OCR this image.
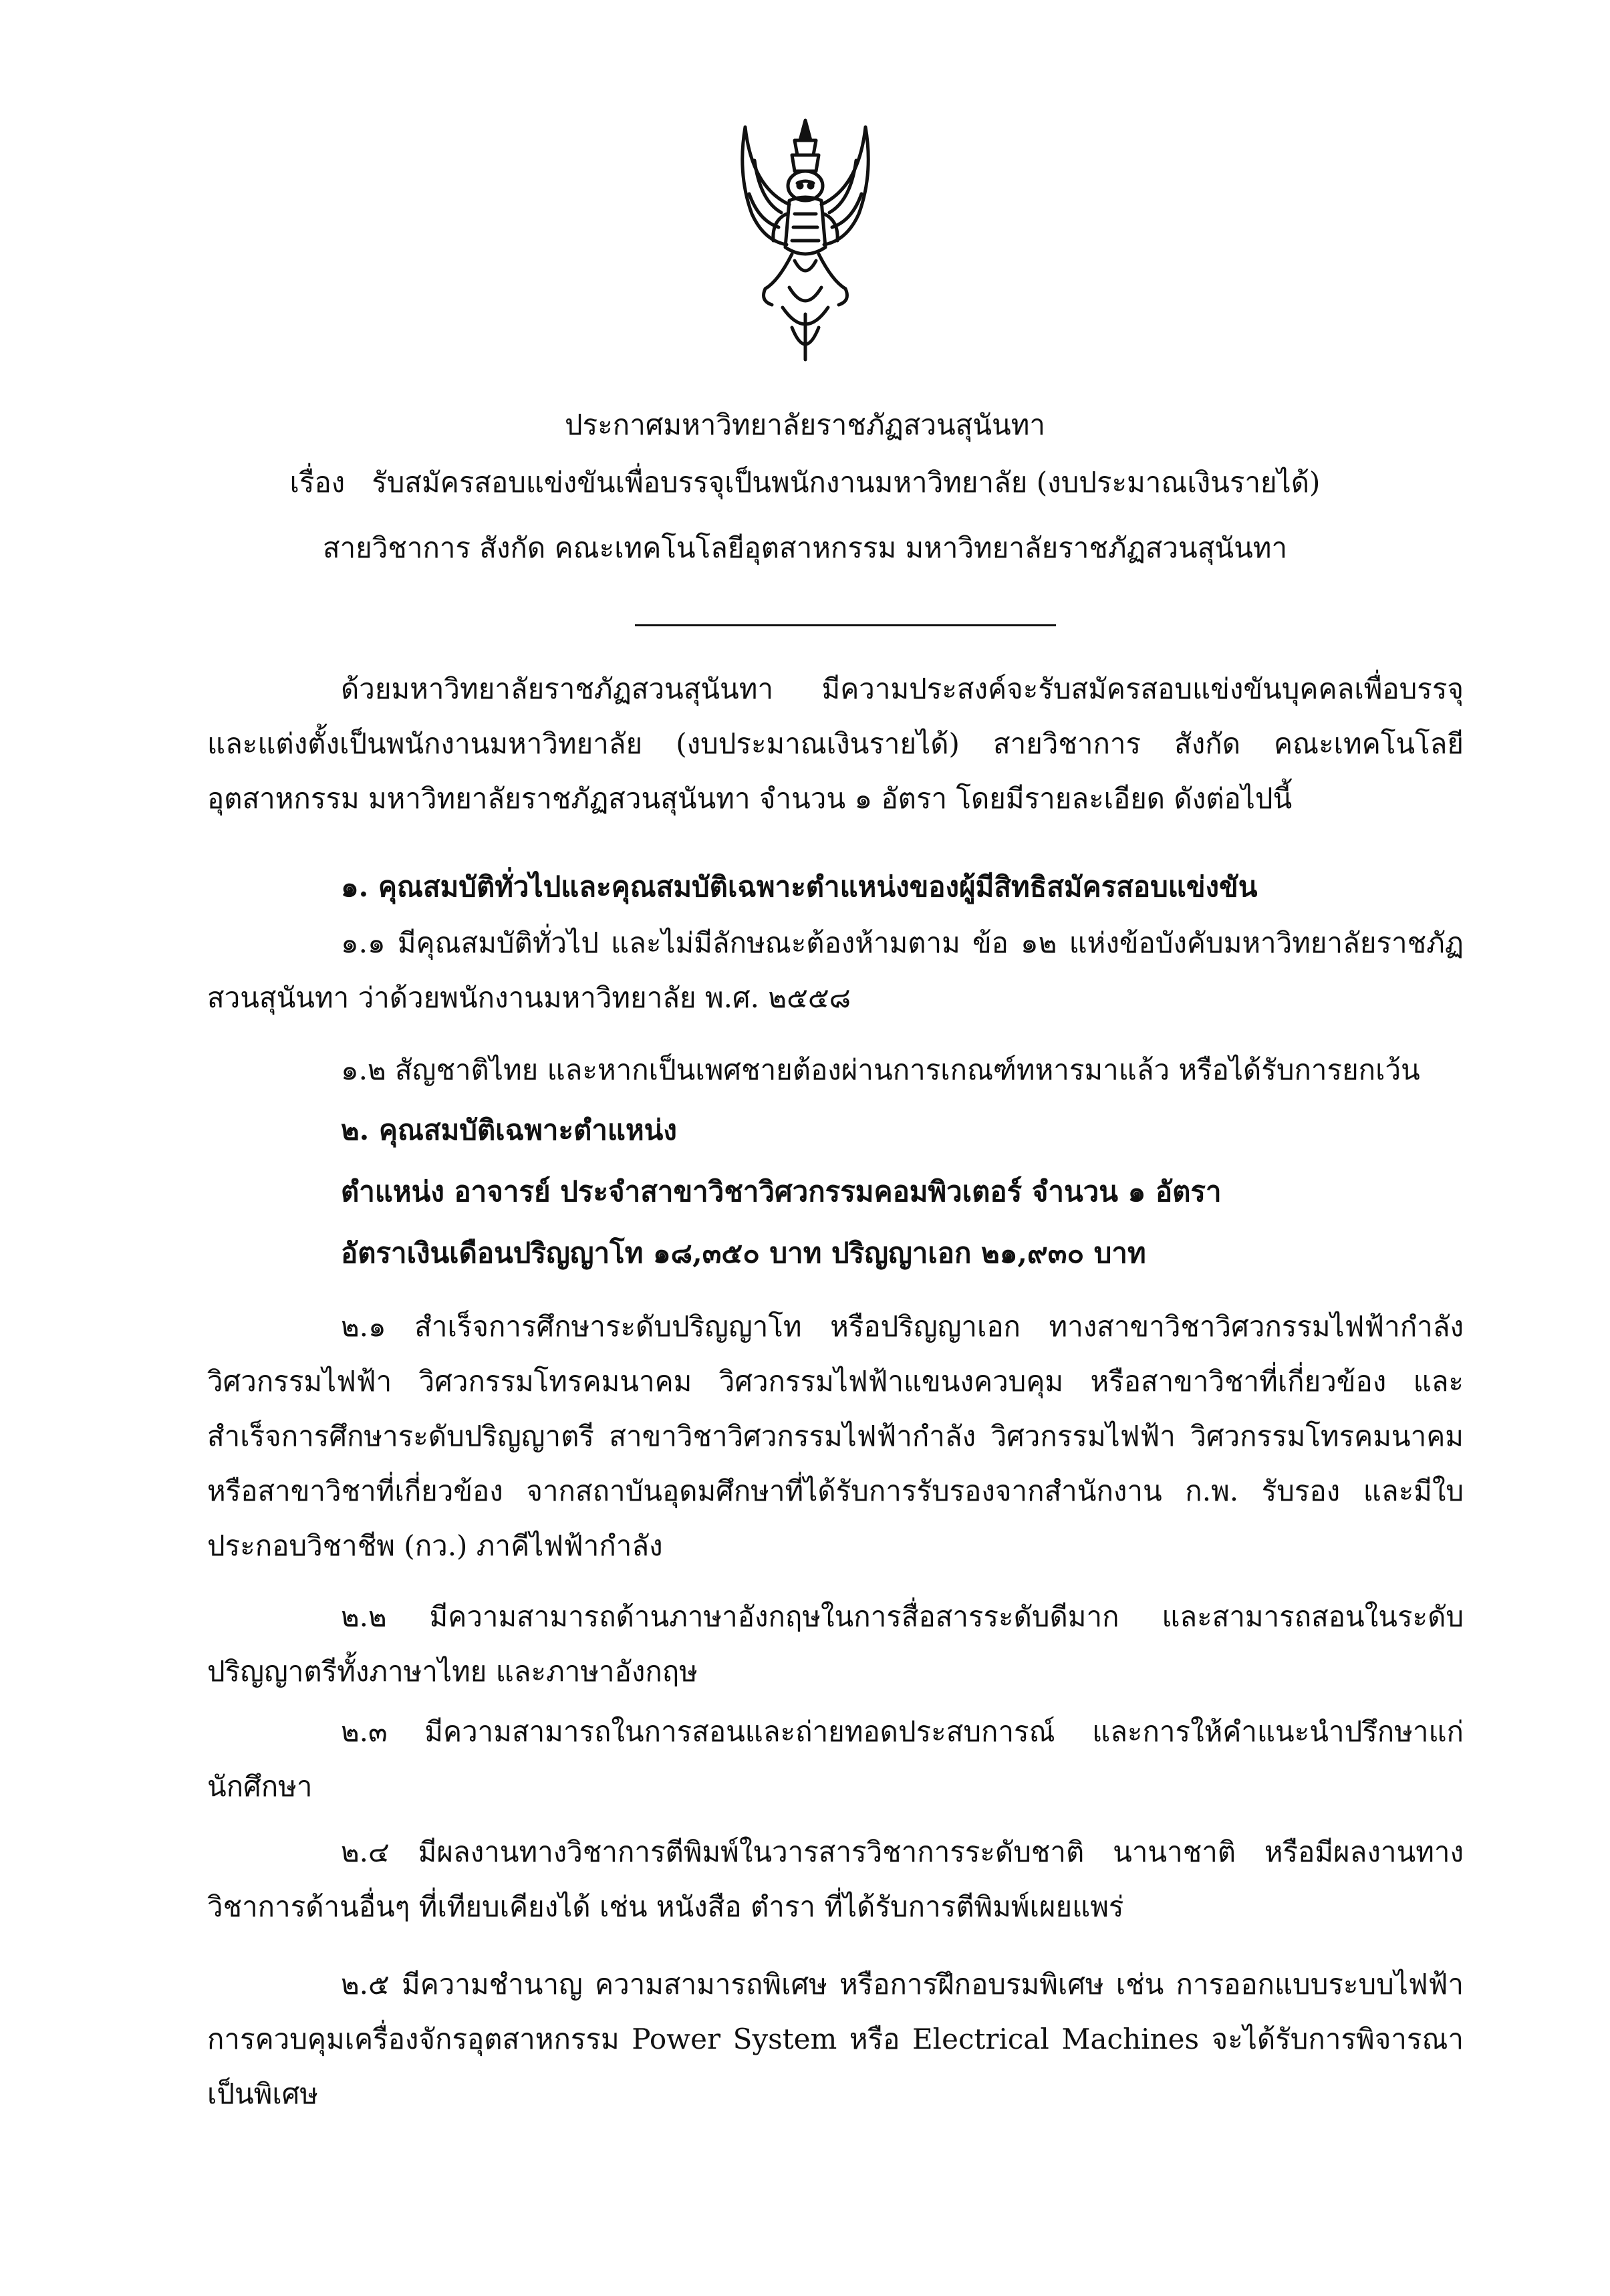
ประกาศมหาวิทยาลัยราชภัฏสวนสุนันทา
เรื่อง รับสมัครสอบแข่งขันเพื่อบรรจุเป็นพนักงานมหาวิทยาลัย (งบประมาณเงินรายได้)
สายวิชาการ สังกัด คณะเทคโนโลยีอุตสาหกรรม มหาวิทยาลัยราชภัฏสวนสุนันทา

ด้วยมหาวิทยาลัยราชภัฏสวนสุนันทา มีความประสงค์จะรับสมัครสอบแข่งขันบุคคลเพื่อบรรจุและแต่งตั้งเป็นพนักงานมหาวิทยาลัย (งบประมาณเงินรายได้) สายวิชาการ สังกัด คณะเทคโนโลยีอุตสาหกรรม มหาวิทยาลัยราชภัฏสวนสุนันทา จำนวน ๑ อัตรา โดยมีรายละเอียด ดังต่อไปนี้

๑. คุณสมบัติทั่วไปและคุณสมบัติเฉพาะตำแหน่งของผู้มีสิทธิสมัครสอบแข่งขัน

๑.๑ มีคุณสมบัติทั่วไป และไม่มีลักษณะต้องห้ามตาม ข้อ ๑๒ แห่งข้อบังคับมหาวิทยาลัยราชภัฏสวนสุนันทา ว่าด้วยพนักงานมหาวิทยาลัย พ.ศ. ๒๕๕๘

๑.๒ สัญชาติไทย และหากเป็นเพศชายต้องผ่านการเกณฑ์ทหารมาแล้ว หรือได้รับการยกเว้น

๒. คุณสมบัติเฉพาะตำแหน่ง

ตำแหน่ง อาจารย์ ประจำสาขาวิชาวิศวกรรมคอมพิวเตอร์ จำนวน ๑ อัตรา

อัตราเงินเดือนปริญญาโท ๑๘,๓๕๐ บาท ปริญญาเอก ๒๑,๙๓๐ บาท

๒.๑ สำเร็จการศึกษาระดับปริญญาโท หรือปริญญาเอก ทางสาขาวิชาวิศวกรรมไฟฟ้ากำลัง วิศวกรรมไฟฟ้า วิศวกรรมโทรคมนาคม วิศวกรรมไฟฟ้าแขนงควบคุม หรือสาขาวิชาที่เกี่ยวข้อง และสำเร็จการศึกษาระดับปริญญาตรี สาขาวิชาวิศวกรรมไฟฟ้ากำลัง วิศวกรรมไฟฟ้า วิศวกรรมโทรคมนาคม หรือสาขาวิชาที่เกี่ยวข้อง จากสถาบันอุดมศึกษาที่ได้รับการรับรองจากสำนักงาน ก.พ. รับรอง และมีใบประกอบวิชาชีพ (กว.) ภาคีไฟฟ้ากำลัง

๒.๒ มีความสามารถด้านภาษาอังกฤษในการสื่อสารระดับดีมาก และสามารถสอนในระดับปริญญาตรีทั้งภาษาไทย และภาษาอังกฤษ

๒.๓ มีความสามารถในการสอนและถ่ายทอดประสบการณ์ และการให้คำแนะนำปรึกษาแก่นักศึกษา

๒.๔ มีผลงานทางวิชาการตีพิมพ์ในวารสารวิชาการระดับชาติ นานาชาติ หรือมีผลงานทางวิชาการด้านอื่นๆ ที่เทียบเคียงได้ เช่น หนังสือ ตำรา ที่ได้รับการตีพิมพ์เผยแพร่

๒.๕ มีความชำนาญ ความสามารถพิเศษ หรือการฝึกอบรมพิเศษ เช่น การออกแบบระบบไฟฟ้า การควบคุมเครื่องจักรอุตสาหกรรม Power System หรือ Electrical Machines จะได้รับการพิจารณาเป็นพิเศษ
